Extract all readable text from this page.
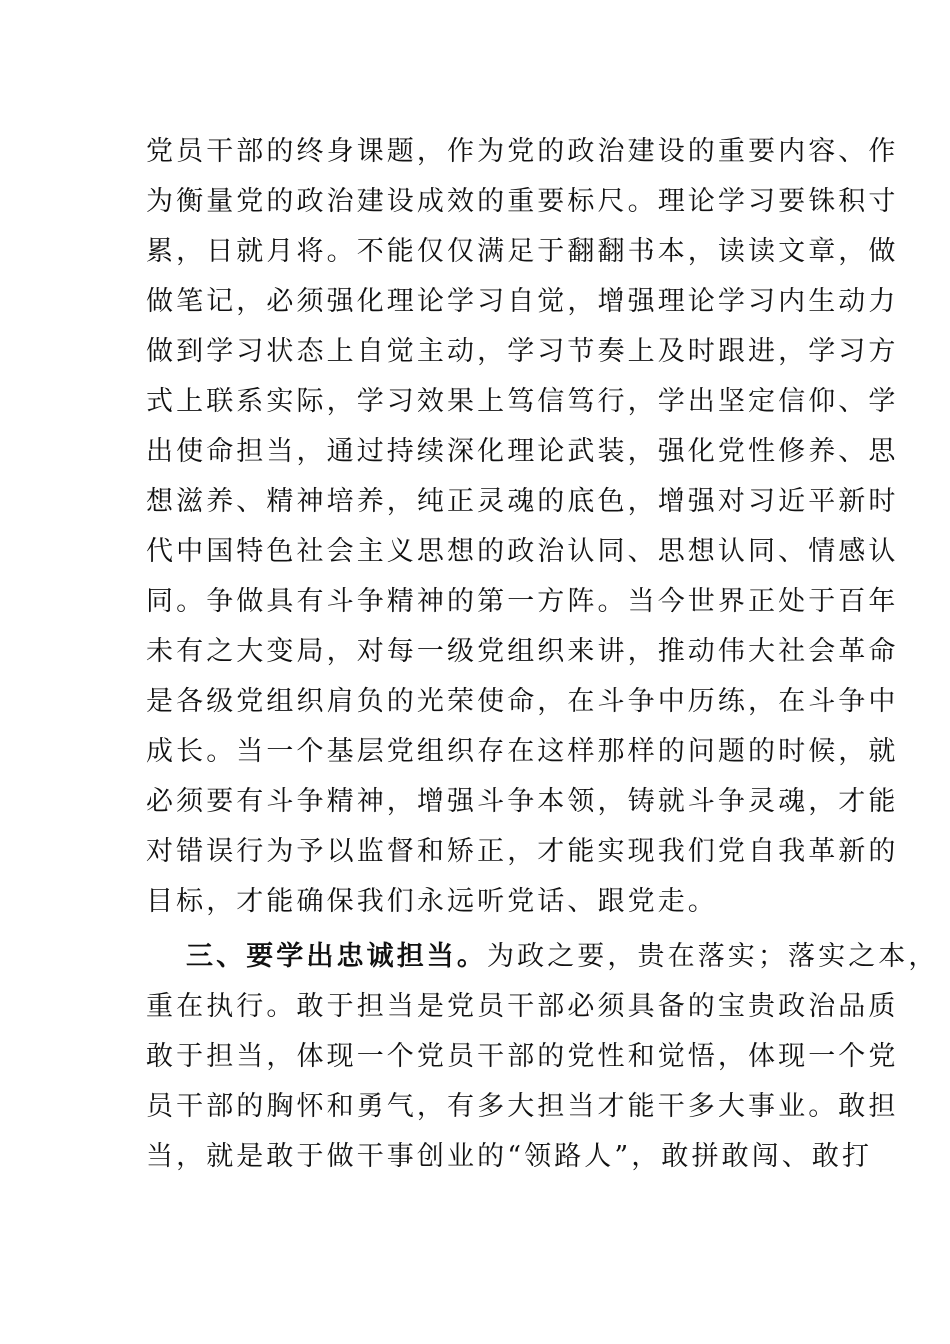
党员干部的终身课题，作为党的政治建设的重要内容、作
为衡量党的政治建设成效的重要标尺。理论学习要铢积寸
累，日就月将。不能仅仅满足于翻翻书本，读读文章，做
做笔记，必须强化理论学习自觉，增强理论学习内生动力
做到学习状态上自觉主动，学习节奏上及时跟进，学习方
式上联系实际，学习效果上笃信笃行，学出坚定信仰、学
出使命担当，通过持续深化理论武装，强化党性修养、思
想滋养、精神培养，纯正灵魂的底色，增强对习近平新时
代中国特色社会主义思想的政治认同、思想认同、情感认
同。争做具有斗争精神的第一方阵。当今世界正处于百年
未有之大变局，对每一级党组织来讲，推动伟大社会革命
是各级党组织肩负的光荣使命，在斗争中历练，在斗争中
成长。当一个基层党组织存在这样那样的问题的时候，就
必须要有斗争精神，增强斗争本领，铸就斗争灵魂，才能
对错误行为予以监督和矫正，才能实现我们党自我革新的
目标，才能确保我们永远听党话、跟党走。
三、要学出忠诚担当。为政之要，贵在落实；落实之本，
重在执行。敢于担当是党员干部必须具备的宝贵政治品质
敢于担当，体现一个党员干部的党性和觉悟，体现一个党
员干部的胸怀和勇气，有多大担当才能干多大事业。敢担
当，就是敢于做干事创业的“领路人”，敢拼敢闯、敢打
